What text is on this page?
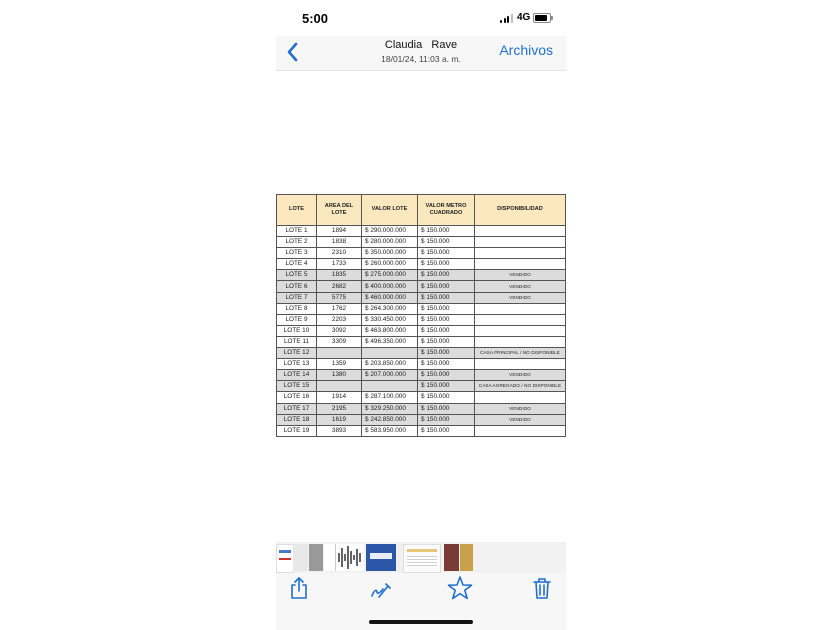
5:00	4G
Claudia   Rave
18/01/24, 11:03 a. m.
Archivos
LOTE	AREA DEL LOTE	VALOR LOTE	VALOR METRO CUADRADO	DISPONIBILIDAD
LOTE 1	1894	$ 290.000.000	$ 150.000	
LOTE 2	1838	$ 280.000.000	$ 150.000	
LOTE 3	2310	$ 350.000.000	$ 150.000	
LOTE 4	1733	$ 260.000.000	$ 150.000	
LOTE 5	1835	$ 275.000.000	$ 150.000	VENDIDO
LOTE 6	2682	$ 400.000.000	$ 150.000	VENDIDO
LOTE 7	5775	$ 460.000.000	$ 150.000	VENDIDO
LOTE 8	1762	$ 264.300.000	$ 150.000	
LOTE 9	2203	$ 330.450.000	$ 150.000	
LOTE 10	3092	$ 463.800.000	$ 150.000	
LOTE 11	3309	$ 496.350.000	$ 150.000	
LOTE 12			$ 150.000	CASA PRINCIPAL / NO DISPONIBLE
LOTE 13	1359	$ 203.850.000	$ 150.000	
LOTE 14	1380	$ 207.000.000	$ 150.000	VENDIDO
LOTE 15			$ 150.000	CASA AGREGADO / NO DISPONIBLE
LOTE 16	1914	$ 287.100.000	$ 150.000	
LOTE 17	2195	$ 329.250.000	$ 150.000	VENDIDO
LOTE 18	1619	$ 242.850.000	$ 150.000	VENDIDO
LOTE 19	3893	$ 583.950.000	$ 150.000	
